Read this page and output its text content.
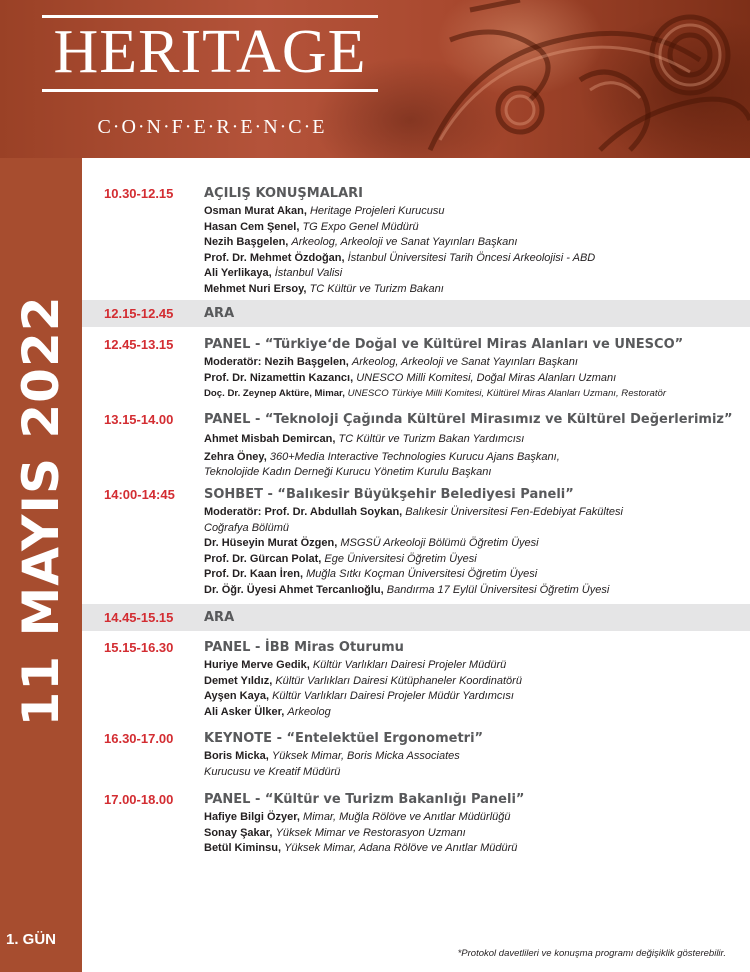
HERITAGE
C·O·N·F·E·R·E·N·C·E
11 MAYIS 2022
1. GÜN
10.30-12.15 AÇILIŞ KONUŞMALARI
Osman Murat Akan, Heritage Projeleri Kurucusu
Hasan Cem Şenel, TG Expo Genel Müdürü
Nezih Başgelen, Arkeolog, Arkeoloji ve Sanat Yayınları Başkanı
Prof. Dr. Mehmet Özdoğan, İstanbul Üniversitesi Tarih Öncesi Arkeolojisi - ABD
Ali Yerlikaya, İstanbul Valisi
Mehmet Nuri Ersoy, TC Kültür ve Turizm Bakanı
12.15-12.45 ARA
12.45-13.15 PANEL - “Türkiye‘de Doğal ve Kültürel Miras Alanları ve UNESCO”
Moderatör: Nezih Başgelen, Arkeolog, Arkeoloji ve Sanat Yayınları Başkanı
Prof. Dr. Nizamettin Kazancı, UNESCO Milli Komitesi, Doğal Miras Alanları Uzmanı
Doç. Dr. Zeynep Aktüre, Mimar, UNESCO Türkiye Milli Komitesi, Kültürel Miras Alanları Uzmanı, Restoratör
13.15-14.00 PANEL - “Teknoloji Çağında Kültürel Mirasımız ve Kültürel Değerlerimiz”
Ahmet Misbah Demircan, TC Kültür ve Turizm Bakan Yardımcısı
Zehra Öney, 360+Media Interactive Technologies Kurucu Ajans Başkanı,
Teknolojide Kadın Derneği Kurucu Yönetim Kurulu Başkanı
14:00-14:45 SOHBET - “Balıkesir Büyükşehir Belediyesi Paneli”
Moderatör: Prof. Dr. Abdullah Soykan, Balıkesir Üniversitesi Fen-Edebiyat Fakültesi
Coğrafya Bölümü
Dr. Hüseyin Murat Özgen, MSGSÜ Arkeoloji Bölümü Öğretim Üyesi
Prof. Dr. Gürcan Polat, Ege Üniversitesi Öğretim Üyesi
Prof. Dr. Kaan İren, Muğla Sıtkı Koçman Üniversitesi Öğretim Üyesi
Dr. Öğr. Üyesi Ahmet Tercanlıoğlu, Bandırma 17 Eylül Üniversitesi Öğretim Üyesi
14.45-15.15 ARA
15.15-16.30 PANEL - İBB Miras Oturumu
Huriye Merve Gedik, Kültür Varlıkları Dairesi Projeler Müdürü
Demet Yıldız, Kültür Varlıkları Dairesi Kütüphaneler Koordinatörü
Ayşen Kaya, Kültür Varlıkları Dairesi Projeler Müdür Yardımcısı
Ali Asker Ülker, Arkeolog
16.30-17.00 KEYNOTE - “Entelektüel Ergonometri”
Boris Micka, Yüksek Mimar, Boris Micka Associates
Kurucusu ve Kreatif Müdürü
17.00-18.00 PANEL - “Kültür ve Turizm Bakanlığı Paneli”
Hafiye Bilgi Özyer, Mimar, Muğla Rölöve ve Anıtlar Müdürlüğü
Sonay Şakar, Yüksek Mimar ve Restorasyon Uzmanı
Betül Kiminsu, Yüksek Mimar, Adana Rölöve ve Anıtlar Müdürü
*Protokol davetlileri ve konuşma programı değişiklik gösterebilir.
